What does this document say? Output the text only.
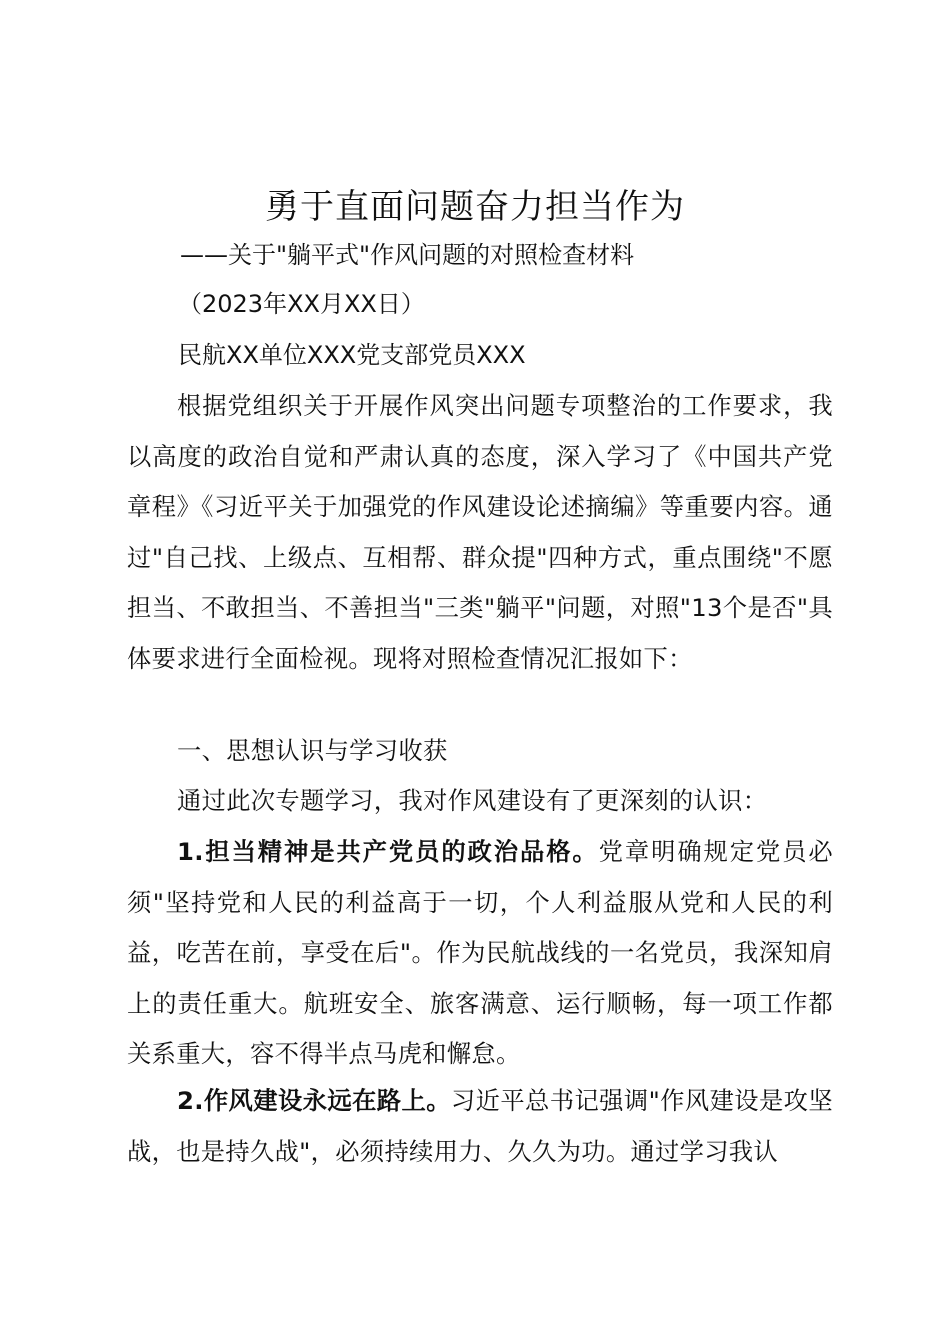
勇于直面问题奋力担当作为

——关于"躺平式"作风问题的对照检查材料

（2023年XX月XX日）

民航XX单位XXX党支部党员XXX

根据党组织关于开展作风突出问题专项整治的工作要求，我以高度的政治自觉和严肃认真的态度，深入学习了《中国共产党章程》《习近平关于加强党的作风建设论述摘编》等重要内容。通过"自己找、上级点、互相帮、群众提"四种方式，重点围绕"不愿担当、不敢担当、不善担当"三类"躺平"问题，对照"13个是否"具体要求进行全面检视。现将对照检查情况汇报如下：

一、思想认识与学习收获

通过此次专题学习，我对作风建设有了更深刻的认识：

1.担当精神是共产党员的政治品格。党章明确规定党员必须"坚持党和人民的利益高于一切，个人利益服从党和人民的利益，吃苦在前，享受在后"。作为民航战线的一名党员，我深知肩上的责任重大。航班安全、旅客满意、运行顺畅，每一项工作都关系重大，容不得半点马虎和懈怠。

2.作风建设永远在路上。习近平总书记强调"作风建设是攻坚战，也是持久战"，必须持续用力、久久为功。通过学习我认
